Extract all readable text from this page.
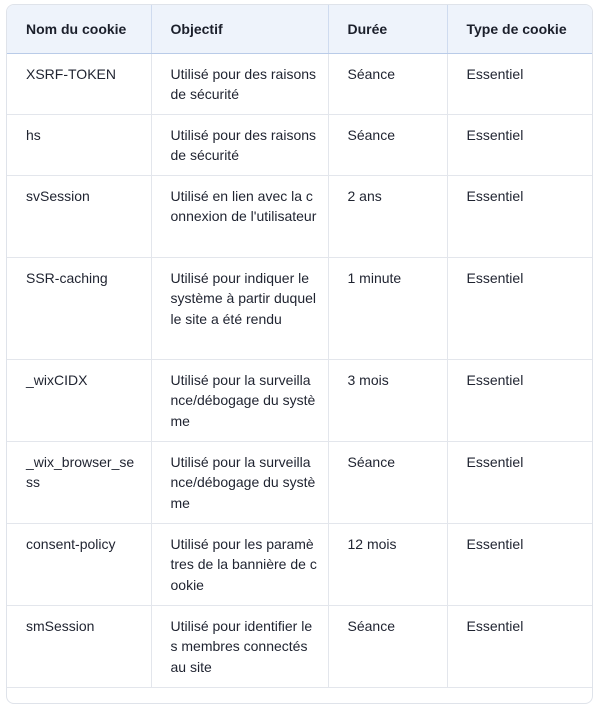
Nom du cookie	Objectif	Durée	Type de cookie
XSRF-TOKEN	Utilisé pour des raisons de sécurité	Séance	Essentiel
hs	Utilisé pour des raisons de sécurité	Séance	Essentiel
svSession	Utilisé en lien avec la connexion de l'utilisateur	2 ans	Essentiel
SSR-caching	Utilisé pour indiquer le système à partir duquel le site a été rendu	1 minute	Essentiel
_wixCIDX	Utilisé pour la surveillance/débogage du système	3 mois	Essentiel
_wix_browser_sess	Utilisé pour la surveillance/débogage du système	Séance	Essentiel
consent-policy	Utilisé pour les paramètres de la bannière de cookie	12 mois	Essentiel
smSession	Utilisé pour identifier les membres connectés au site	Séance	Essentiel
